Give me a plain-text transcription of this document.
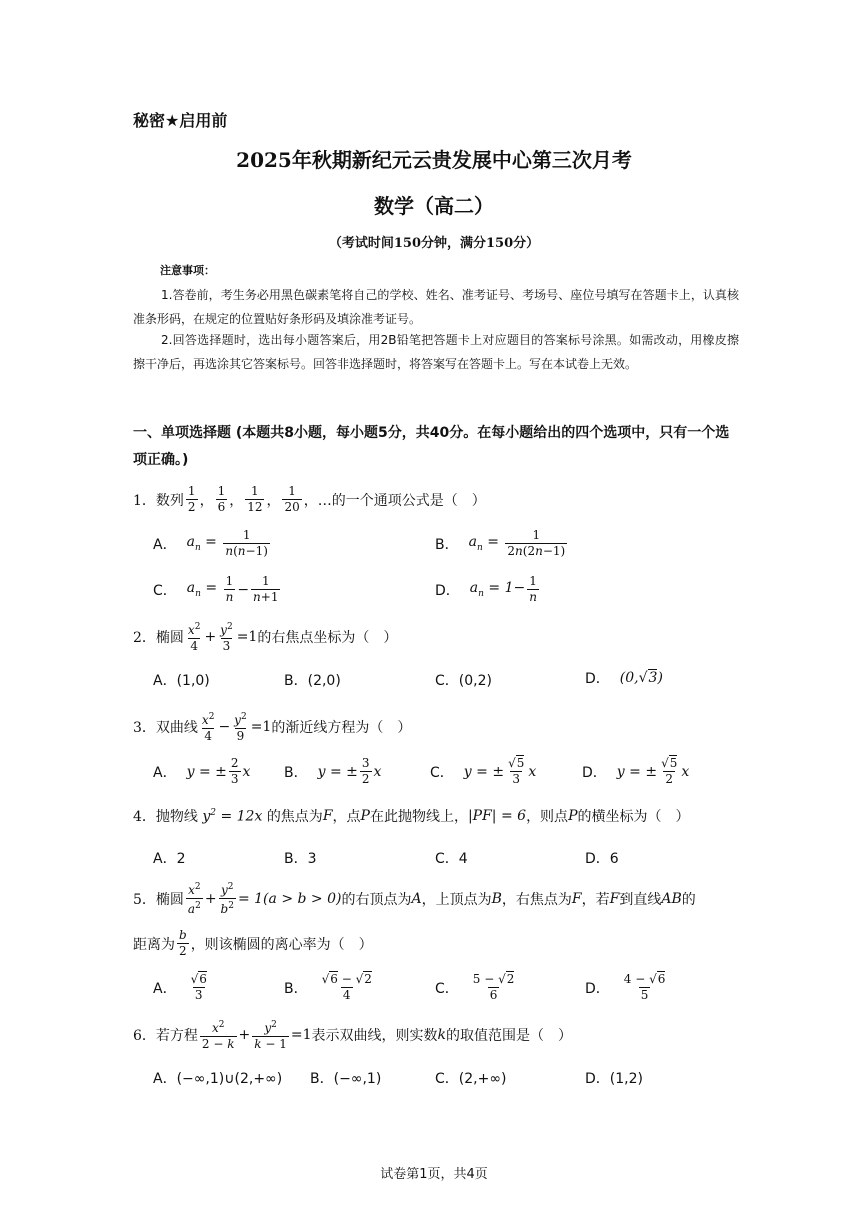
秘密★启用前
2025年秋期新纪元云贵发展中心第三次月考
数学（高二）
（考试时间150分钟，满分150分）
注意事项：
1.答卷前，考生务必用黑色碳素笔将自己的学校、姓名、准考证号、考场号、座位号填写在答题卡上，认真核准条形码，在规定的位置贴好条形码及填涂准考证号。
2.回答选择题时，选出每小题答案后，用2B铅笔把答题卡上对应题目的答案标号涂黑。如需改动，用橡皮擦擦干净后，再选涂其它答案标号。回答非选择题时，将答案写在答题卡上。写在本试卷上无效。
一、单项选择题 (本题共8小题，每小题5分，共40分。在每小题给出的四个选项中，只有一个选项正确。)
1． 数列 $\frac{1}{2}$ ， $\frac{1}{6}$ ， $\frac{1}{12}$ ， $\frac{1}{20}$ ，…的一个通项公式是（　）
A． $a_n = \frac{1}{n(n-1)}$	B． $a_n = \frac{1}{2n(2n-1)}$
C． $a_n = \frac{1}{n} - \frac{1}{n+1}$	D． $a_n = 1- \frac{1}{n}$
2． 椭圆 $\frac{x^2}{4} + \frac{y^2}{3} =1$ 的右焦点坐标为（　）
A．(1,0)	B．(2,0)	C．(0,2)	D． (0,√3)
3． 双曲线 $\frac{x^2}{4} - \frac{y^2}{9} =1$ 的渐近线方程为（　）
A． y = ± $\frac{2}{3}$ x B． y = ± $\frac{3}{2}$ x	C． y = ± $\frac{√5}{3}$ x	D． y = ± $\frac{√5}{2}$ x
4． 抛物线 $y^2 = 12x$ 的焦点为 F ，点 P 在此抛物线上， |PF| = 6 ，则点 P 的横坐标为（　）
A．2	B．3	C．4	D．6
5． 椭圆 $\frac{x^2}{a^2} + \frac{y^2}{b^2} = 1(a > b > 0)$ 的右顶点为 A ，上顶点为 B ，右焦点为 F ，若 F 到直线 AB 的
距离为 $\frac{b}{2}$ ，则该椭圆的离心率为（　）
A． $\frac{√6}{3}$	B． $\frac{√6 - √2}{4}$	C． $\frac{5 - √2}{6}$	D． $\frac{4 - √6}{5}$
6． 若方程 $\frac{x^2}{2 - k} + \frac{y^2}{k - 1} =1$ 表示双曲线，则实数 k 的取值范围是（　）
A．(−∞,1)∪(2,+∞) B．(−∞,1)	C．(2,+∞)	D．(1,2)
试卷第1页，共4页
